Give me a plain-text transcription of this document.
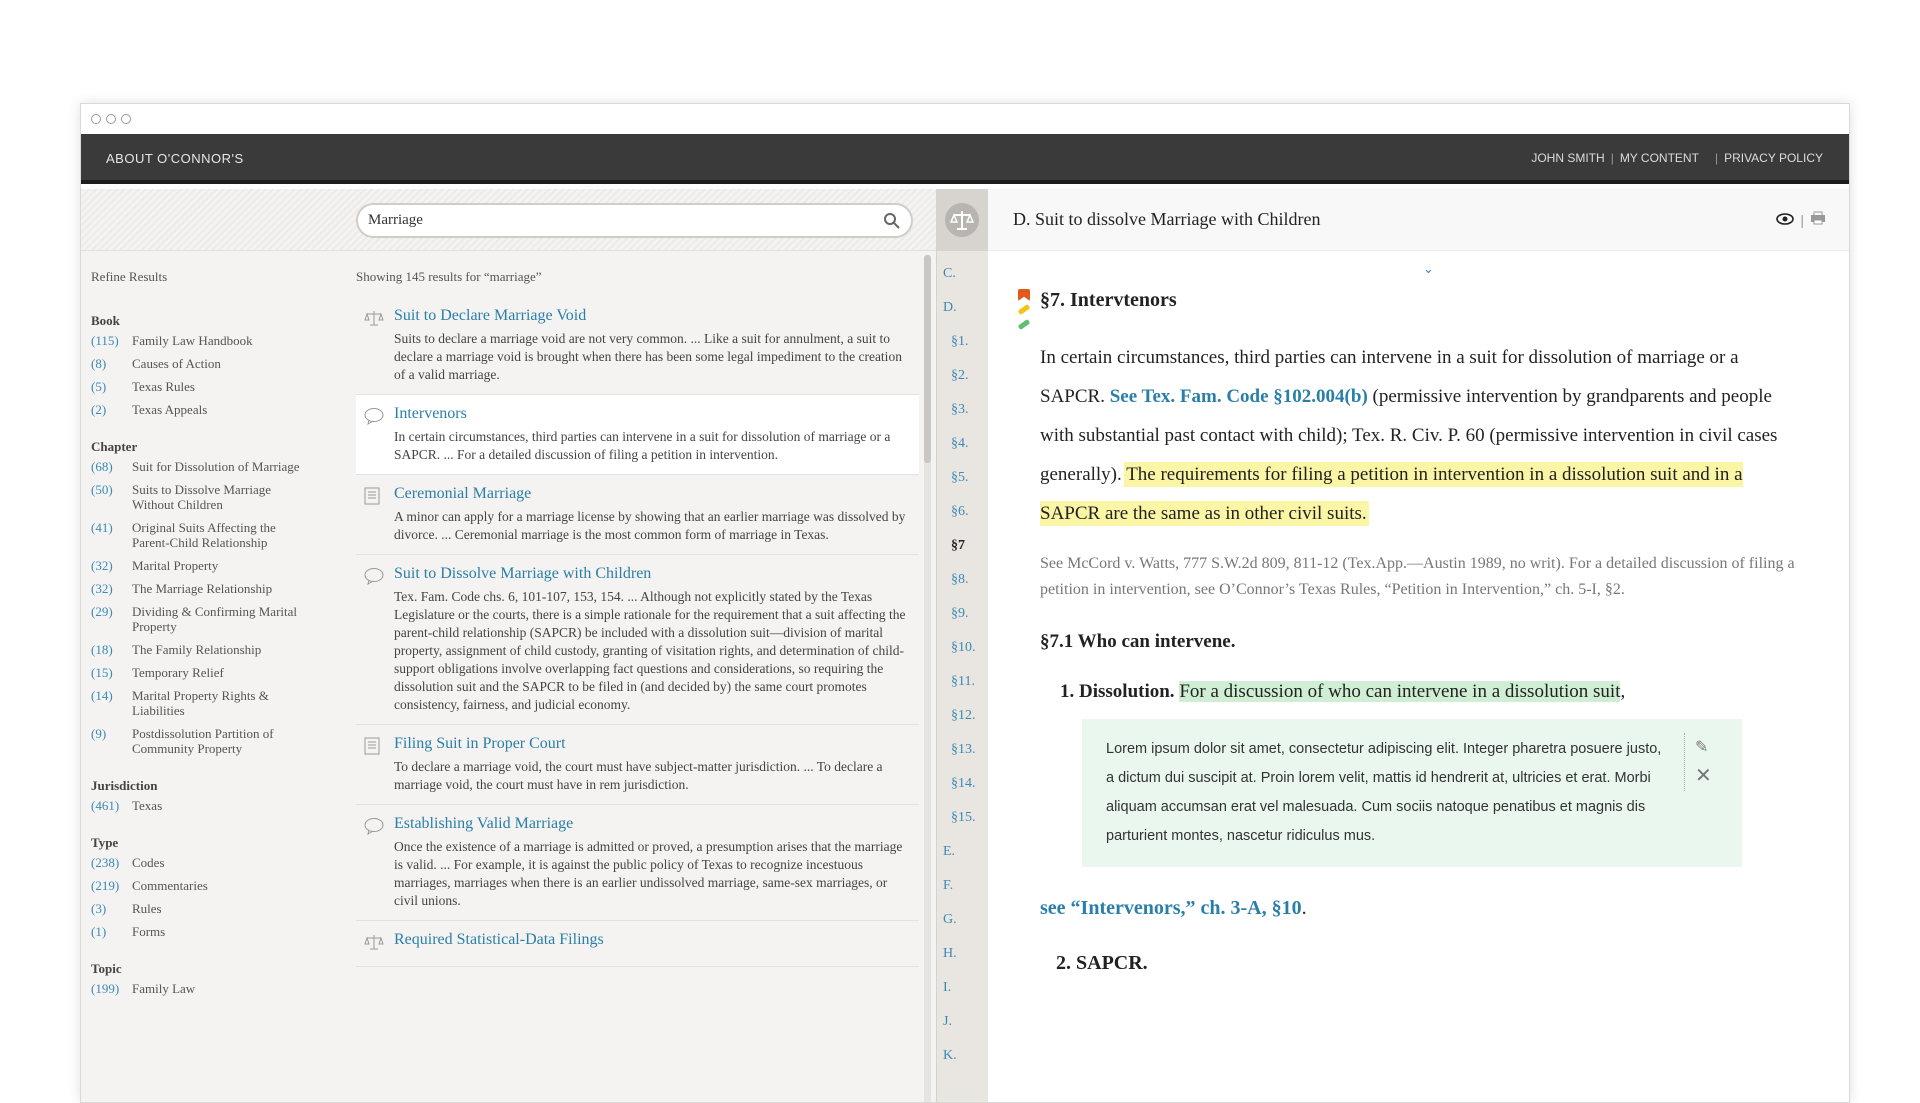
ABOUT O'CONNOR'S	JOHN SMITH | MY CONTENT | PRIVACY POLICY
Marriage
Refine Results
Book
(115)	Family Law Handbook
(8)	Causes of Action
(5)	Texas Rules
(2)	Texas Appeals
Chapter
(68)	Suit for Dissolution of Marriage
(50)	Suits to Dissolve Marriage Without Children
(41)	Original Suits Affecting the Parent-Child Relationship
(32)	Marital Property
(32)	The Marriage Relationship
(29)	Dividing & Confirming Marital Property
(18)	The Family Relationship
(15)	Temporary Relief
(14)	Marital Property Rights & Liabilities
(9)	Postdissolution Partition of Community Property
Jurisdiction
(461) Texas
Type
(238) Codes
(219) Commentaries
(3)	Rules
(1)	Forms
Topic
(199) Family Law
Showing 145 results for “marriage”
Suit to Declare Marriage Void
Suits to declare a marriage void are not very common. ... Like a suit for annulment, a suit to declare a marriage void is brought when there has been some legal impediment to the creation of a valid marriage.
Intervenors
In certain circumstances, third parties can intervene in a suit for dissolution of marriage or a SAPCR. ... For a detailed discussion of filing a petition in intervention.
Ceremonial Marriage
A minor can apply for a marriage license by showing that an earlier marriage was dissolved by divorce. ... Ceremonial marriage is the most common form of marriage in Texas.
Suit to Dissolve Marriage with Children
Tex. Fam. Code chs. 6, 101-107, 153, 154. ... Although not explicitly stated by the Texas Legislature or the courts, there is a simple rationale for the requirement that a suit affecting the parent-child relationship (SAPCR) be included with a dissolution suit—division of marital property, assignment of child custody, granting of visitation rights, and determination of child-support obligations involve overlapping fact questions and considerations, so requiring the dissolution suit and the SAPCR to be filed in (and decided by) the same court promotes consistency, fairness, and judicial economy.
Filing Suit in Proper Court
To declare a marriage void, the court must have subject-matter jurisdiction. ... To declare a marriage void, the court must have in rem jurisdiction.
Establishing Valid Marriage
Once the existence of a marriage is admitted or proved, a presumption arises that the marriage is valid. ... For example, it is against the public policy of Texas to recognize incestuous marriages, marriages when there is an earlier undissolved marriage, same-sex marriages, or civil unions.
Required Statistical-Data Filings
C.
D.
§1.
§2.
§3.
§4.
§5.
§6.
§7
§8.
§9.
§10.
§11.
§12.
§13.
§14.
§15.
E.
F.
G.
H.
I.
J.
K.
D. Suit to dissolve Marriage with Children	|
⌄
§7. Intervtenors

In certain circumstances, third parties can intervene in a suit for dissolution of marriage or a SAPCR. See Tex. Fam. Code §102.004(b) (permissive intervention by grandparents and people with substantial past contact with child); Tex. R. Civ. P. 60 (permissive intervention in civil cases generally). The requirements for filing a petition in intervention in a dissolution suit and in a SAPCR are the same as in other civil suits.

See McCord v. Watts, 777 S.W.2d 809, 811-12 (Tex.App.—Austin 1989, no writ). For a detailed discussion of filing a petition in intervention, see O’Connor’s Texas Rules, “Petition in Intervention,” ch. 5-I, §2.

§7.1 Who can intervene.
1. Dissolution. For a discussion of who can intervene in a dissolution suit,
Lorem ipsum dolor sit amet, consectetur adipiscing elit. Integer pharetra posuere justo, a dictum dui suscipit at. Proin lorem velit, mattis id hendrerit at, ultricies et erat. Morbi aliquam accumsan erat vel malesuada. Cum sociis natoque penatibus et magnis dis parturient montes, nascetur ridiculus mus.
✎
✕
see “Intervenors,” ch. 3-A, §10.
2. SAPCR.
